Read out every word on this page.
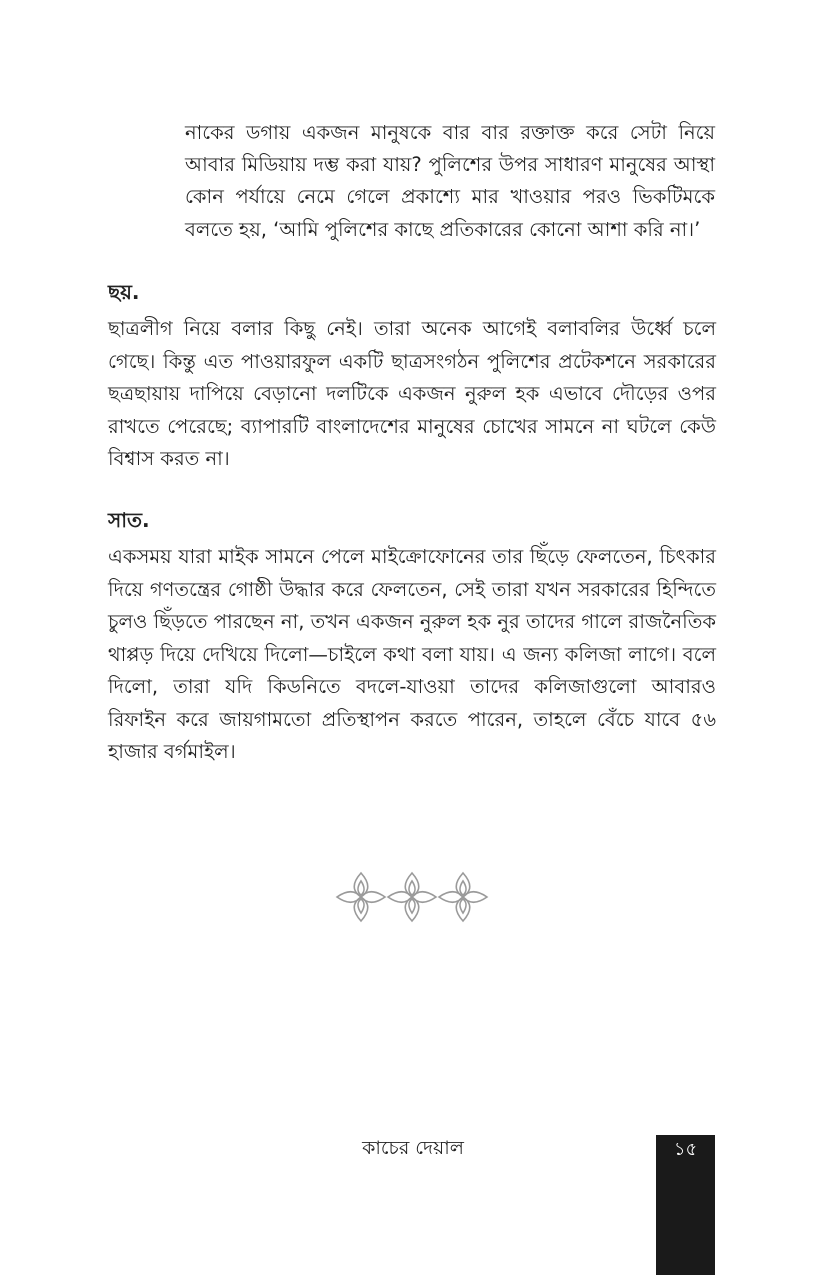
নাকের ডগায় একজন মানুষকে বার বার রক্তাক্ত করে সেটা নিয়ে আবার মিডিয়ায় দম্ভ করা যায়? পুলিশের উপর সাধারণ মানুষের আস্থা কোন পর্যায়ে নেমে গেলে প্রকাশ্যে মার খাওয়ার পরও ভিকটিমকে বলতে হয়, ‘আমি পুলিশের কাছে প্রতিকারের কোনো আশা করি না।’

ছয়.

ছাত্রলীগ নিয়ে বলার কিছু নেই। তারা অনেক আগেই বলাবলির উর্ধ্বে চলে গেছে। কিন্তু এত পাওয়ারফুল একটি ছাত্রসংগঠন পুলিশের প্রটেকশনে সরকারের ছত্রছায়ায় দাপিয়ে বেড়ানো দলটিকে একজন নুরুল হক এভাবে দৌড়ের ওপর রাখতে পেরেছে; ব্যাপারটি বাংলাদেশের মানুষের চোখের সামনে না ঘটলে কেউ বিশ্বাস করত না।

সাত.

একসময় যারা মাইক সামনে পেলে মাইক্রোফোনের তার ছিঁড়ে ফেলতেন, চিৎকার দিয়ে গণতন্ত্রের গোষ্ঠী উদ্ধার করে ফেলতেন, সেই তারা যখন সরকারের হিন্দিতে চুলও ছিঁড়তে পারছেন না, তখন একজন নুরুল হক নুর তাদের গালে রাজনৈতিক থাপ্পড় দিয়ে দেখিয়ে দিলো—চাইলে কথা বলা যায়। এ জন্য কলিজা লাগে। বলে দিলো, তারা যদি কিডনিতে বদলে-যাওয়া তাদের কলিজাগুলো আবারও রিফাইন করে জায়গামতো প্রতিস্থাপন করতে পারেন, তাহলে বেঁচে যাবে ৫৬ হাজার বর্গমাইল।

কাচের দেয়াল	১৫
